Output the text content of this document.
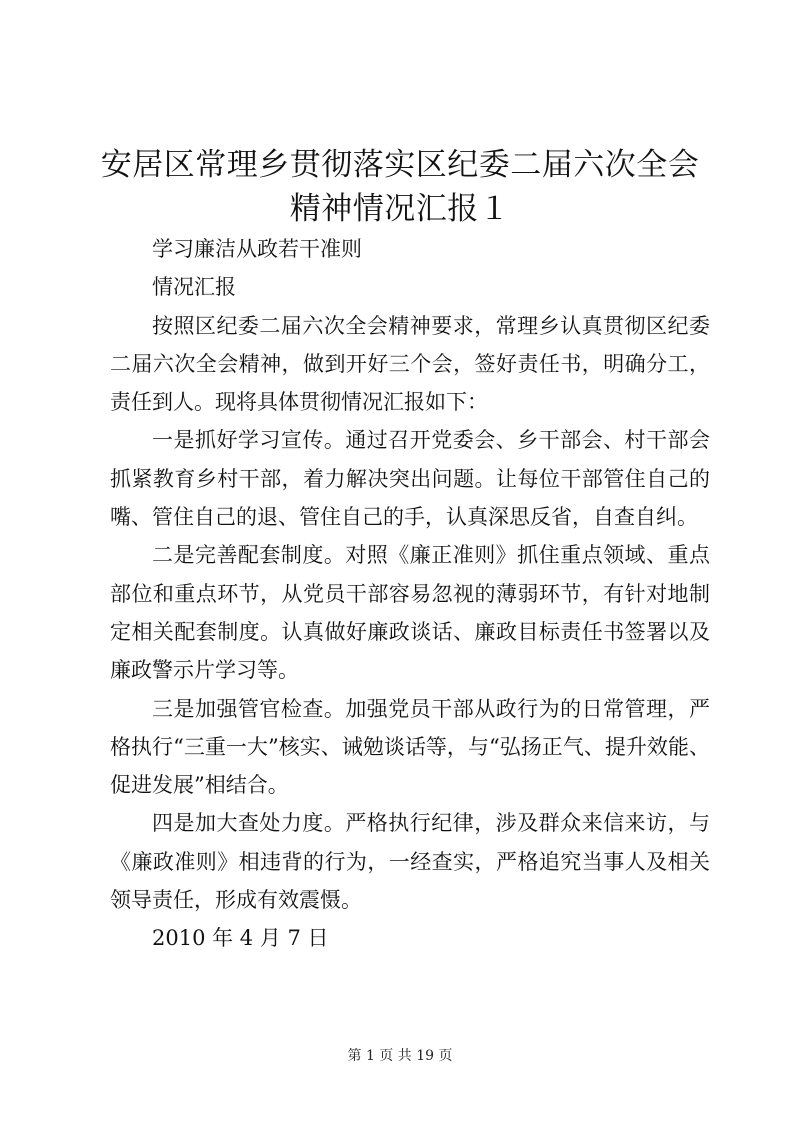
安居区常理乡贯彻落实区纪委二届六次全会精神情况汇报１

学习廉洁从政若干准则

情况汇报

按照区纪委二届六次全会精神要求，常理乡认真贯彻区纪委二届六次全会精神，做到开好三个会，签好责任书，明确分工，责任到人。现将具体贯彻情况汇报如下：

一是抓好学习宣传。通过召开党委会、乡干部会、村干部会抓紧教育乡村干部，着力解决突出问题。让每位干部管住自己的嘴、管住自己的退、管住自己的手，认真深思反省，自查自纠。

二是完善配套制度。对照《廉正准则》抓住重点领域、重点部位和重点环节，从党员干部容易忽视的薄弱环节，有针对地制定相关配套制度。认真做好廉政谈话、廉政目标责任书签署以及廉政警示片学习等。

三是加强管官检查。加强党员干部从政行为的日常管理，严格执行“三重一大”核实、诫勉谈话等，与“弘扬正气、提升效能、促进发展”相结合。

四是加大查处力度。严格执行纪律，涉及群众来信来访，与《廉政准则》相违背的行为，一经查实，严格追究当事人及相关领导责任，形成有效震慑。

2010 年 4 月 7 日

第 1 页 共 19 页
